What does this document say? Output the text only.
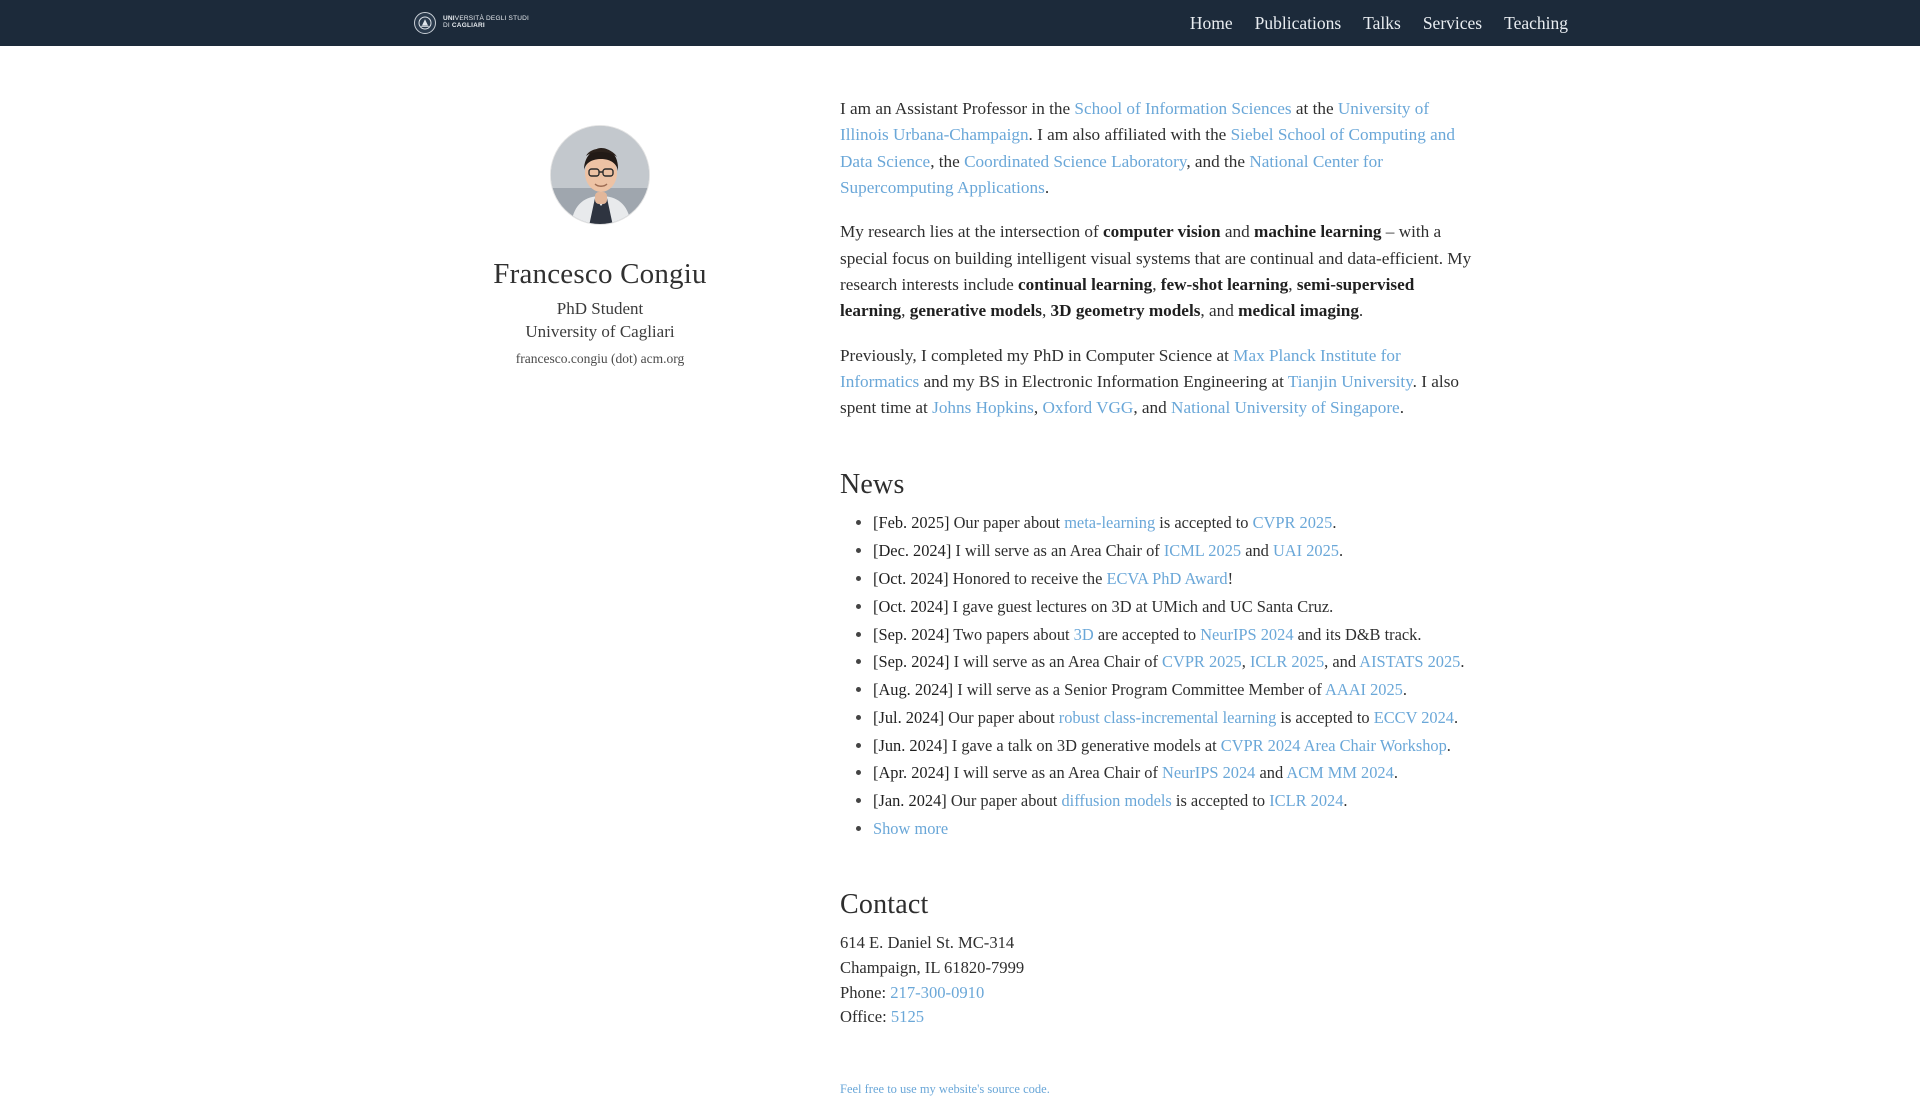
UNIVERSITÀ DEGLI STUDI
DI CAGLIARI	Home Publications Talks Services Teaching
Francesco Congiu
PhD Student
University of Cagliari
francesco.congiu (dot) acm.org

I am an Assistant Professor in the School of Information Sciences at the University of Illinois Urbana-Champaign. I am also affiliated with the Siebel School of Computing and Data Science, the Coordinated Science Laboratory, and the National Center for Supercomputing Applications.

My research lies at the intersection of computer vision and machine learning – with a special focus on building intelligent visual systems that are continual and data-efficient. My research interests include continual learning, few-shot learning, semi-supervised learning, generative models, 3D geometry models, and medical imaging.

Previously, I completed my PhD in Computer Science at Max Planck Institute for Informatics and my BS in Electronic Information Engineering at Tianjin University. I also spent time at Johns Hopkins, Oxford VGG, and National University of Singapore.

News
• [Feb. 2025] Our paper about meta-learning is accepted to CVPR 2025.
• [Dec. 2024] I will serve as an Area Chair of ICML 2025 and UAI 2025.
• [Oct. 2024] Honored to receive the ECVA PhD Award!
• [Oct. 2024] I gave guest lectures on 3D at UMich and UC Santa Cruz.
• [Sep. 2024] Two papers about 3D are accepted to NeurIPS 2024 and its D&B track.
• [Sep. 2024] I will serve as an Area Chair of CVPR 2025, ICLR 2025, and AISTATS 2025.
• [Aug. 2024] I will serve as a Senior Program Committee Member of AAAI 2025.
• [Jul. 2024] Our paper about robust class-incremental learning is accepted to ECCV 2024.
• [Jun. 2024] I gave a talk on 3D generative models at CVPR 2024 Area Chair Workshop.
• [Apr. 2024] I will serve as an Area Chair of NeurIPS 2024 and ACM MM 2024.
• [Jan. 2024] Our paper about diffusion models is accepted to ICLR 2024.
• Show more
Contact
614 E. Daniel St. MC-314
Champaign, IL 61820-7999
Phone: 217-300-0910
Office: 5125
Feel free to use my website's source code.
